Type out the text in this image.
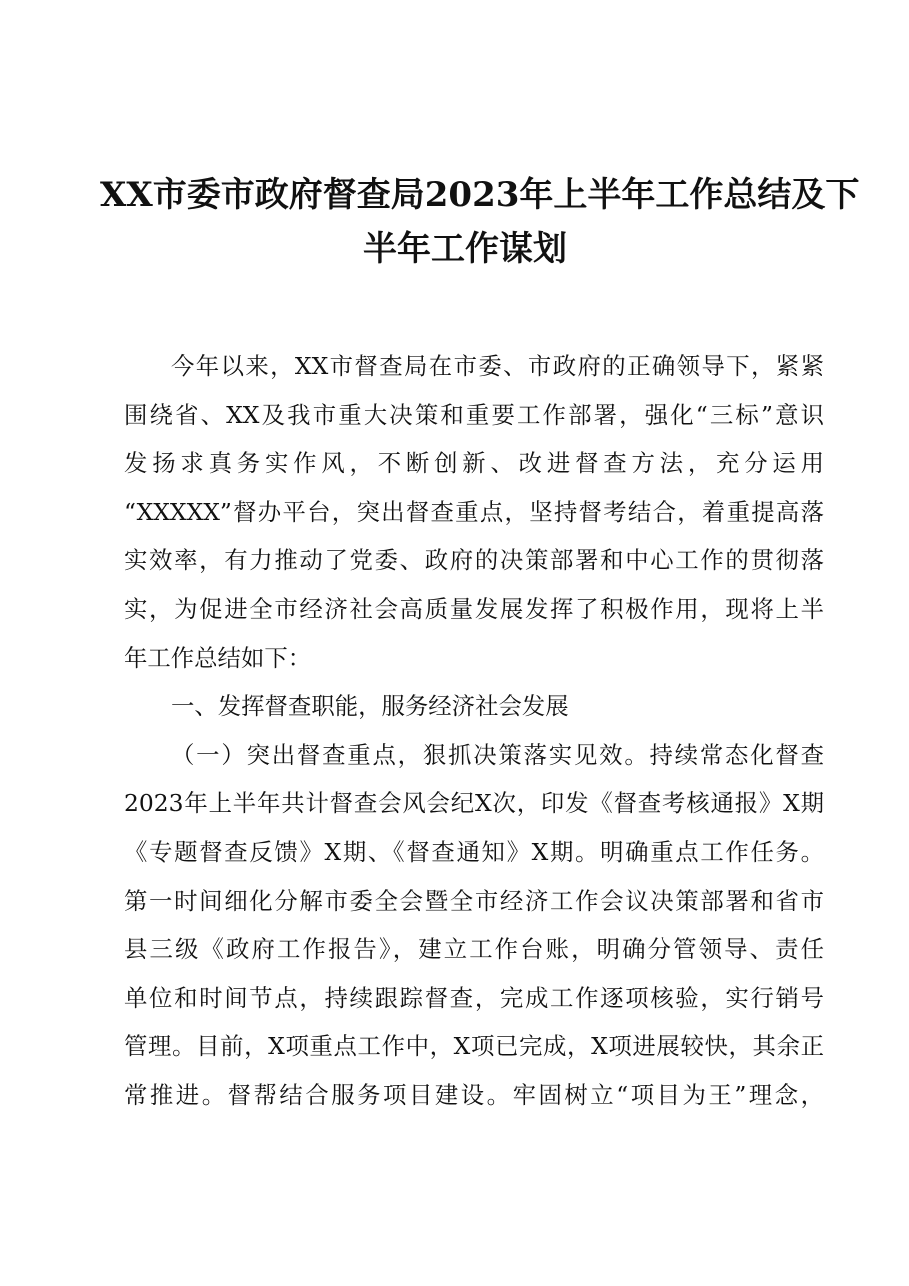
XX市委市政府督查局2023年上半年工作总结及下
半年工作谋划
今年以来，XX市督查局在市委、市政府的正确领导下，紧紧
围绕省、XX及我市重大决策和重要工作部署，强化“三标”意识
发扬求真务实作风，不断创新、改进督查方法，充分运用
“XXXXX”督办平台，突出督查重点，坚持督考结合，着重提高落
实效率，有力推动了党委、政府的决策部署和中心工作的贯彻落
实，为促进全市经济社会高质量发展发挥了积极作用，现将上半
年工作总结如下：
一、发挥督查职能，服务经济社会发展
（一）突出督查重点，狠抓决策落实见效。持续常态化督查
2023年上半年共计督查会风会纪X次，印发《督查考核通报》X期
《专题督查反馈》X期、《督查通知》X期。明确重点工作任务。
第一时间细化分解市委全会暨全市经济工作会议决策部署和省市
县三级《政府工作报告》，建立工作台账，明确分管领导、责任
单位和时间节点，持续跟踪督查，完成工作逐项核验，实行销号
管理。目前，X项重点工作中，X项已完成，X项进展较快，其余正
常推进。督帮结合服务项目建设。牢固树立“项目为王”理念，
